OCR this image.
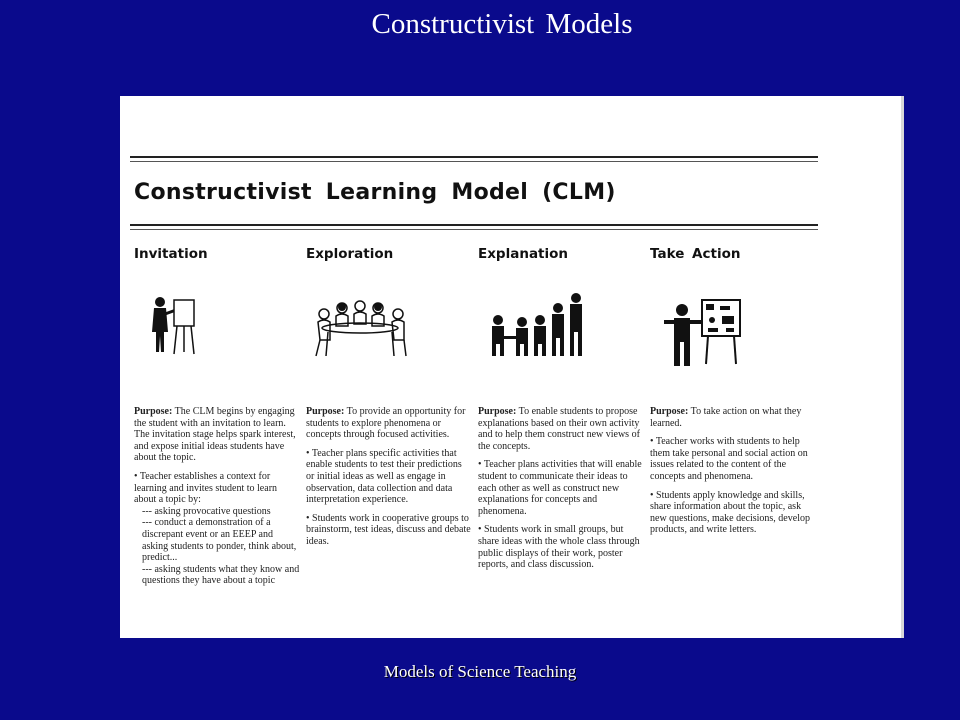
Constructivist Models
Constructivist Learning Model (CLM)
Invitation

Purpose: The CLM begins by engaging the student with an invitation to learn. The invitation stage helps spark interest, and expose initial ideas students have about the topic.

• Teacher establishes a context for learning and invites student to learn about a topic by:
--- asking provocative questions
--- conduct a demonstration of a discrepant event or an EEEP and asking students to ponder, think about, predict...
--- asking students what they know and questions they have about a topic

Exploration

Purpose: To provide an opportunity for students to explore phenomena or concepts through focused activities.

• Teacher plans specific activities that enable students to test their predictions or initial ideas as well as engage in observation, data collection and data interpretation experience.

• Students work in cooperative groups to brainstorm, test ideas, discuss and debate ideas.

Explanation

Purpose: To enable students to propose explanations based on their own activity and to help them construct new views of the concepts.

• Teacher plans activities that will enable student to communicate their ideas to each other as well as construct new explanations for concepts and phenomena.

• Students work in small groups, but share ideas with the whole class through public displays of their work, poster reports, and class discussion.

Take Action

Purpose: To take action on what they learned.

• Teacher works with students to help them take personal and social action on issues related to the content of the concepts and phenomena.

• Students apply knowledge and skills, share information about the topic, ask new questions, make decisions, develop products, and write letters.

Models of Science Teaching
